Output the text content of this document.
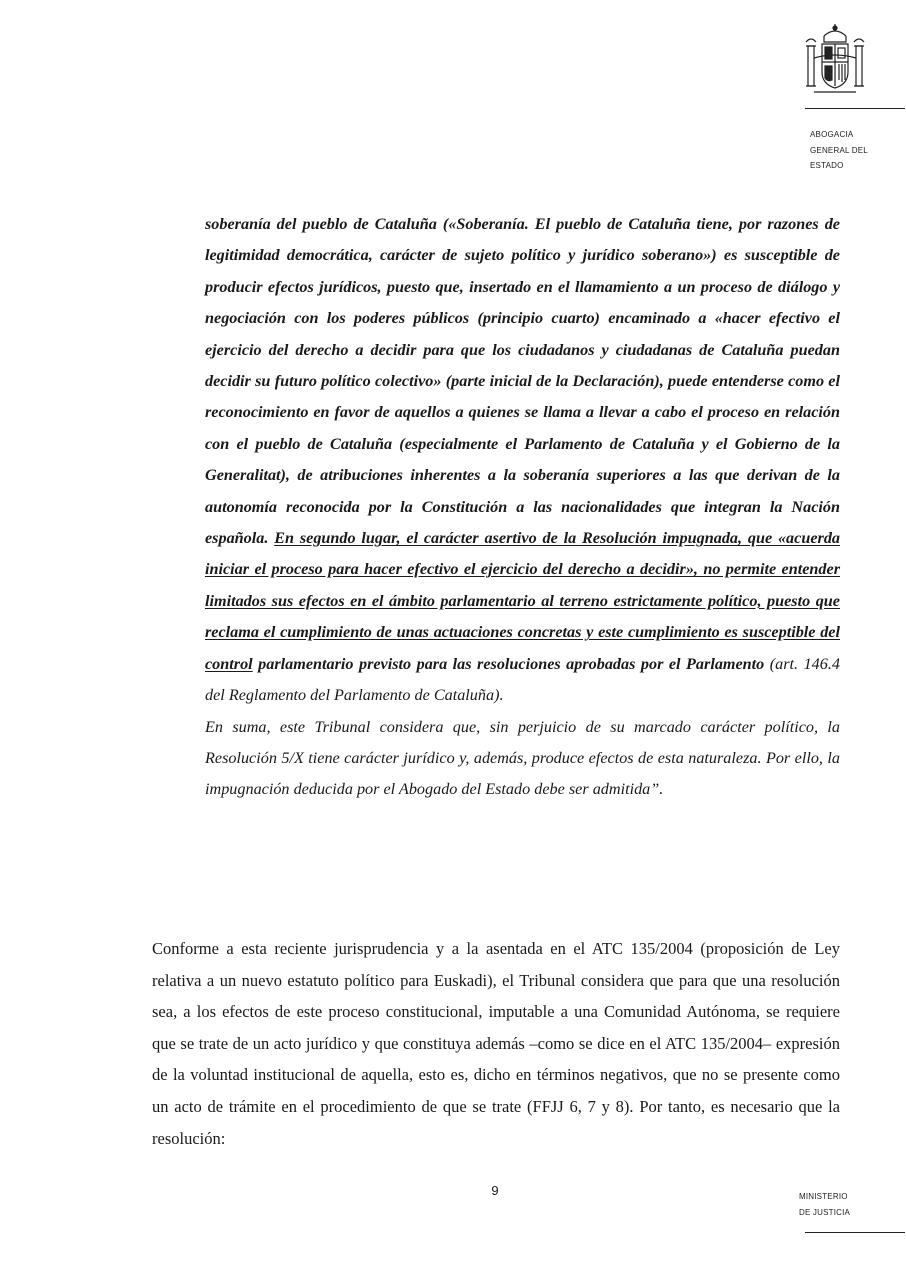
ABOGACIA
GENERAL DEL
ESTADO

soberanía del pueblo de Cataluña («Soberanía. El pueblo de Cataluña tiene, por razones de legitimidad democrática, carácter de sujeto político y jurídico soberano») es susceptible de producir efectos jurídicos, puesto que, insertado en el llamamiento a un proceso de diálogo y negociación con los poderes públicos (principio cuarto) encaminado a «hacer efectivo el ejercicio del derecho a decidir para que los ciudadanos y ciudadanas de Cataluña puedan decidir su futuro político colectivo» (parte inicial de la Declaración), puede entenderse como el reconocimiento en favor de aquellos a quienes se llama a llevar a cabo el proceso en relación con el pueblo de Cataluña (especialmente el Parlamento de Cataluña y el Gobierno de la Generalitat), de atribuciones inherentes a la soberanía superiores a las que derivan de la autonomía reconocida por la Constitución a las nacionalidades que integran la Nación española. En segundo lugar, el carácter asertivo de la Resolución impugnada, que «acuerda iniciar el proceso para hacer efectivo el ejercicio del derecho a decidir», no permite entender limitados sus efectos en el ámbito parlamentario al terreno estrictamente político, puesto que reclama el cumplimiento de unas actuaciones concretas y este cumplimiento es susceptible del control parlamentario previsto para las resoluciones aprobadas por el Parlamento (art. 146.4 del Reglamento del Parlamento de Cataluña).

En suma, este Tribunal considera que, sin perjuicio de su marcado carácter político, la Resolución 5/X tiene carácter jurídico y, además, produce efectos de esta naturaleza. Por ello, la impugnación deducida por el Abogado del Estado debe ser admitida”.

Conforme a esta reciente jurisprudencia y a la asentada en el ATC 135/2004 (proposición de Ley relativa a un nuevo estatuto político para Euskadi), el Tribunal considera que para que una resolución sea, a los efectos de este proceso constitucional, imputable a una Comunidad Autónoma, se requiere que se trate de un acto jurídico y que constituya además –como se dice en el ATC 135/2004– expresión de la voluntad institucional de aquella, esto es, dicho en términos negativos, que no se presente como un acto de trámite en el procedimiento de que se trate (FFJJ 6, 7 y 8). Por tanto, es necesario que la resolución:

9	MINISTERIO
DE JUSTICIA
